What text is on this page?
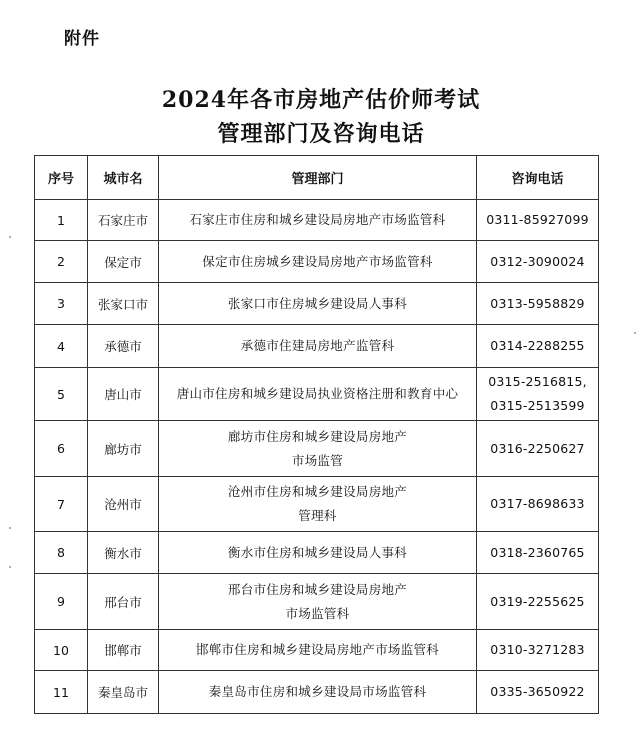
附件
2024年各市房地产估价师考试
管理部门及咨询电话
序号	城市名	管理部门	咨询电话
1	石家庄市	石家庄市住房和城乡建设局房地产市场监管科	0311-85927099

2	保定市	保定市住房城乡建设局房地产市场监管科	0312-3090024

3	张家口市	张家口市住房城乡建设局人事科	0313-5958829

4	承德市	承德市住建局房地产监管科	0314-2288255

5	唐山市	唐山市住房和城乡建设局执业资格注册和教育中心	0315-2516815,
0315-2513599

6	廊坊市	廊坊市住房和城乡建设局房地产
市场监管	0316-2250627

7	沧州市	沧州市住房和城乡建设局房地产
管理科	0317-8698633

8	衡水市	衡水市住房和城乡建设局人事科	0318-2360765

9	邢台市	邢台市住房和城乡建设局房地产
市场监管科	0319-2255625

10	邯郸市	邯郸市住房和城乡建设局房地产市场监管科	0310-3271283

11	秦皇岛市	秦皇岛市住房和城乡建设局市场监管科	0335-3650922
